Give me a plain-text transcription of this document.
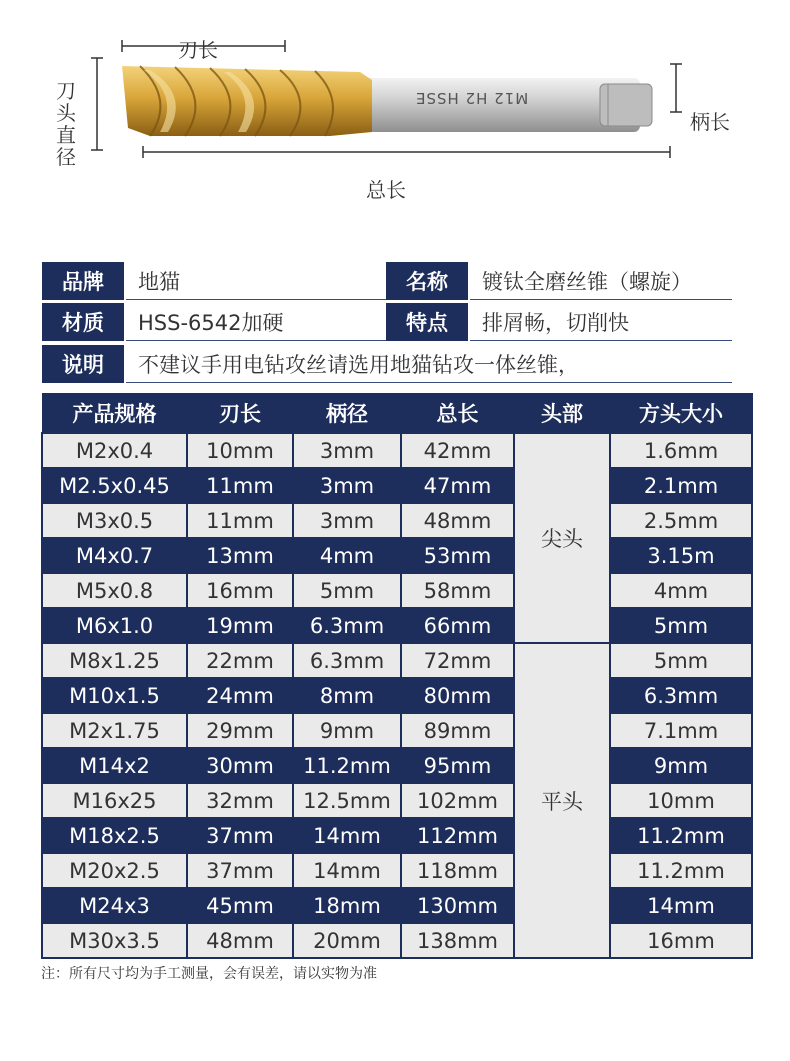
刃长
刀头直径
柄长
总长
M12 H2 HSSE
品牌	地猫	名称	镀钛全磨丝锥（螺旋）
材质	HSS-6542加硬	特点	排屑畅，切削快
说明	不建议手用电钻攻丝请选用地猫钻攻一体丝锥，
产品规格	刃长	柄径	总长	头部	方头大小
M2x0.4	10mm	3mm	42mm	尖头	1.6mm
M2.5x0.45	11mm	3mm	47mm		2.1mm
M3x0.5	11mm	3mm	48mm		2.5mm
M4x0.7	13mm	4mm	53mm		3.15m
M5x0.8	16mm	5mm	58mm		4mm
M6x1.0	19mm	6.3mm	66mm		5mm
M8x1.25	22mm	6.3mm	72mm	平头	5mm
M10x1.5	24mm	8mm	80mm		6.3mm
M2x1.75	29mm	9mm	89mm		7.1mm
M14x2	30mm	11.2mm	95mm		9mm
M16x25	32mm	12.5mm	102mm		10mm
M18x2.5	37mm	14mm	112mm		11.2mm
M20x2.5	37mm	14mm	118mm		11.2mm
M24x3	45mm	18mm	130mm		14mm
M30x3.5	48mm	20mm	138mm		16mm
注：所有尺寸均为手工测量，会有误差，请以实物为准
